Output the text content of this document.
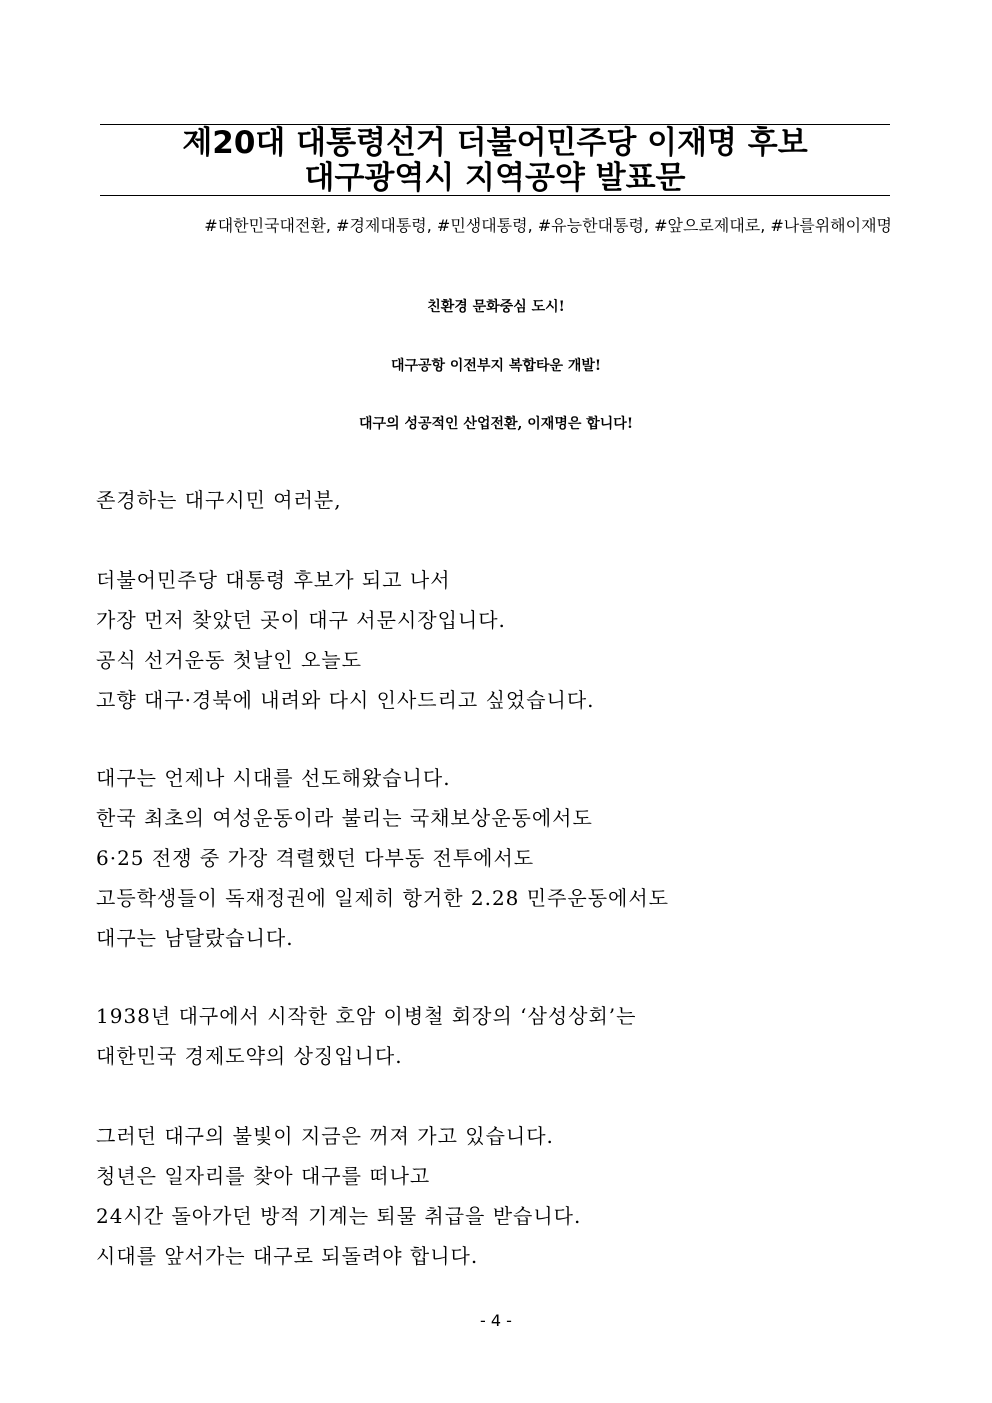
제20대 대통령선거 더불어민주당 이재명 후보
대구광역시 지역공약 발표문
#대한민국대전환, #경제대통령, #민생대통령, #유능한대통령, #앞으로제대로, #나를위해이재명
친환경 문화중심 도시!
대구공항 이전부지 복합타운 개발!
대구의 성공적인 산업전환, 이재명은 합니다!
존경하는 대구시민 여러분,
더불어민주당 대통령 후보가 되고 나서
가장 먼저 찾았던 곳이 대구 서문시장입니다.
공식 선거운동 첫날인 오늘도
고향 대구·경북에 내려와 다시 인사드리고 싶었습니다.
대구는 언제나 시대를 선도해왔습니다.
한국 최초의 여성운동이라 불리는 국채보상운동에서도
6·25 전쟁 중 가장 격렬했던 다부동 전투에서도
고등학생들이 독재정권에 일제히 항거한 2.28 민주운동에서도
대구는 남달랐습니다.
1938년 대구에서 시작한 호암 이병철 회장의 ‘삼성상회’는
대한민국 경제도약의 상징입니다.
그러던 대구의 불빛이 지금은 꺼져 가고 있습니다.
청년은 일자리를 찾아 대구를 떠나고
24시간 돌아가던 방적 기계는 퇴물 취급을 받습니다.
시대를 앞서가는 대구로 되돌려야 합니다.
- 4 -
